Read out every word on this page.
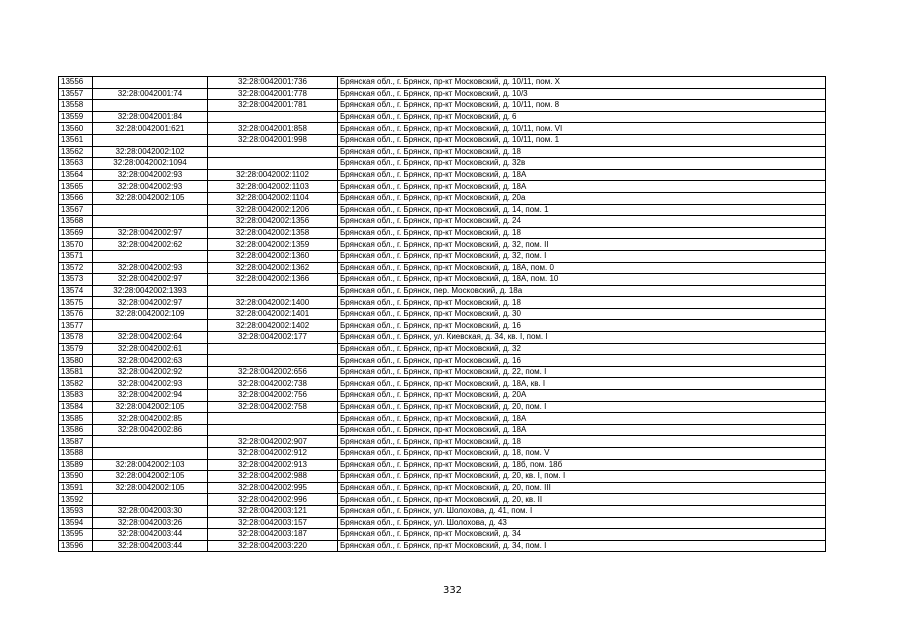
13556		32:28:0042001:736	Брянская обл., г. Брянск, пр-кт Московский, д. 10/11, пом. X
13557	32:28:0042001:74	32:28:0042001:778	Брянская обл., г. Брянск, пр-кт Московский, д. 10/3
13558		32:28:0042001:781	Брянская обл., г. Брянск, пр-кт Московский, д. 10/11, пом. 8
13559	32:28:0042001:84		Брянская обл., г. Брянск, пр-кт Московский, д. 6
13560	32:28:0042001:621	32:28:0042001:858	Брянская обл., г. Брянск, пр-кт Московский, д. 10/11, пом. VI
13561		32:28:0042001:998	Брянская обл., г. Брянск, пр-кт Московский, д. 10/11, пом. 1
13562	32:28:0042002:102		Брянская обл., г. Брянск, пр-кт Московский, д. 18
13563	32:28:0042002:1094		Брянская обл., г. Брянск, пр-кт Московский, д. 32в
13564	32:28:0042002:93	32:28:0042002:1102	Брянская обл., г. Брянск, пр-кт Московский, д. 18А
13565	32:28:0042002:93	32:28:0042002:1103	Брянская обл., г. Брянск, пр-кт Московский, д. 18А
13566	32:28:0042002:105	32:28:0042002:1104	Брянская обл., г. Брянск, пр-кт Московский, д. 20а
13567		32:28:0042002:1206	Брянская обл., г. Брянск, пр-кт Московский, д. 14, пом. 1
13568		32:28:0042002:1356	Брянская обл., г. Брянск, пр-кт Московский, д. 24
13569	32:28:0042002:97	32:28:0042002:1358	Брянская обл., г. Брянск, пр-кт Московский, д. 18
13570	32:28:0042002:62	32:28:0042002:1359	Брянская обл., г. Брянск, пр-кт Московский, д. 32, пом. II
13571		32:28:0042002:1360	Брянская обл., г. Брянск, пр-кт Московский, д. 32, пом. I
13572	32:28:0042002:93	32:28:0042002:1362	Брянская обл., г. Брянск, пр-кт Московский, д. 18А, пом. 0
13573	32:28:0042002:97	32:28:0042002:1366	Брянская обл., г. Брянск, пр-кт Московский, д. 18А, пом. 10
13574	32:28:0042002:1393		Брянская обл., г. Брянск, пер. Московский, д. 18а
13575	32:28:0042002:97	32:28:0042002:1400	Брянская обл., г. Брянск, пр-кт Московский, д. 18
13576	32:28:0042002:109	32:28:0042002:1401	Брянская обл., г. Брянск, пр-кт Московский, д. 30
13577		32:28:0042002:1402	Брянская обл., г. Брянск, пр-кт Московский, д. 16
13578	32:28:0042002:64	32:28:0042002:177	Брянская обл., г. Брянск, ул. Киевская, д. 34, кв. I, пом. I
13579	32:28:0042002:61		Брянская обл., г. Брянск, пр-кт Московский, д. 32
13580	32:28:0042002:63		Брянская обл., г. Брянск, пр-кт Московский, д. 16
13581	32:28:0042002:92	32:28:0042002:656	Брянская обл., г. Брянск, пр-кт Московский, д. 22, пом. I
13582	32:28:0042002:93	32:28:0042002:738	Брянская обл., г. Брянск, пр-кт Московский, д. 18А, кв. I
13583	32:28:0042002:94	32:28:0042002:756	Брянская обл., г. Брянск, пр-кт Московский, д. 20А
13584	32:28:0042002:105	32:28:0042002:758	Брянская обл., г. Брянск, пр-кт Московский, д. 20, пом. I
13585	32:28:0042002:85		Брянская обл., г. Брянск, пр-кт Московский, д. 18А
13586	32:28:0042002:86		Брянская обл., г. Брянск, пр-кт Московский, д. 18А
13587		32:28:0042002:907	Брянская обл., г. Брянск, пр-кт Московский, д. 18
13588		32:28:0042002:912	Брянская обл., г. Брянск, пр-кт Московский, д. 18, пом. V
13589	32:28:0042002:103	32:28:0042002:913	Брянская обл., г. Брянск, пр-кт Московский, д. 18б, пом. 18б
13590	32:28:0042002:105	32:28:0042002:988	Брянская обл., г. Брянск, пр-кт Московский, д. 20, кв. I, пом. I
13591	32:28:0042002:105	32:28:0042002:995	Брянская обл., г. Брянск, пр-кт Московский, д. 20, пом. III
13592		32:28:0042002:996	Брянская обл., г. Брянск, пр-кт Московский, д. 20, кв. II
13593	32:28:0042003:30	32:28:0042003:121	Брянская обл., г. Брянск, ул. Шолохова, д. 41, пом. I
13594	32:28:0042003:26	32:28:0042003:157	Брянская обл., г. Брянск, ул. Шолохова, д. 43
13595	32:28:0042003:44	32:28:0042003:187	Брянская обл., г. Брянск, пр-кт Московский, д. 34
13596	32:28:0042003:44	32:28:0042003:220	Брянская обл., г. Брянск, пр-кт Московский, д. 34, пом. I
332
